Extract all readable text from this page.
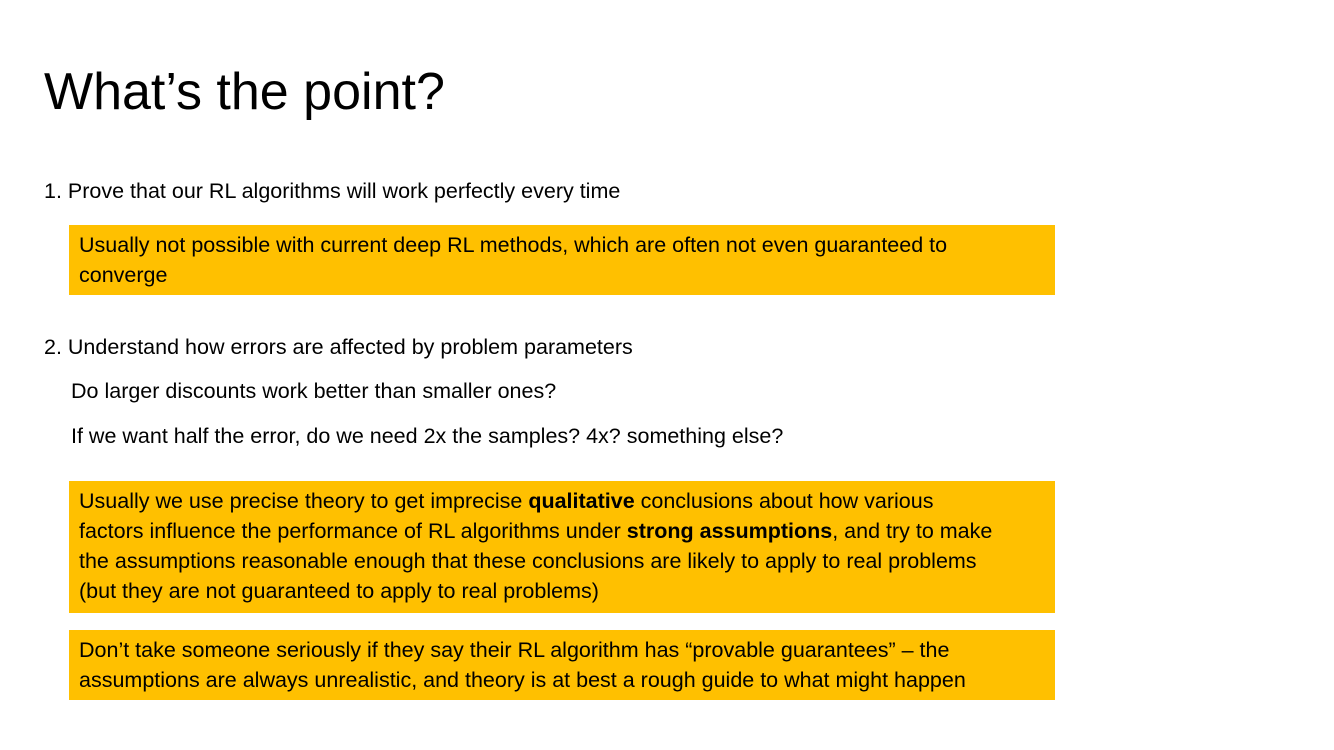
What’s the point?
1. Prove that our RL algorithms will work perfectly every time
Usually not possible with current deep RL methods, which are often not even guaranteed to
converge
2. Understand how errors are affected by problem parameters
Do larger discounts work better than smaller ones?
If we want half the error, do we need 2x the samples? 4x? something else?
Usually we use precise theory to get imprecise qualitative conclusions about how various
factors influence the performance of RL algorithms under strong assumptions, and try to make
the assumptions reasonable enough that these conclusions are likely to apply to real problems
(but they are not guaranteed to apply to real problems)
Don’t take someone seriously if they say their RL algorithm has “provable guarantees” – the
assumptions are always unrealistic, and theory is at best a rough guide to what might happen
